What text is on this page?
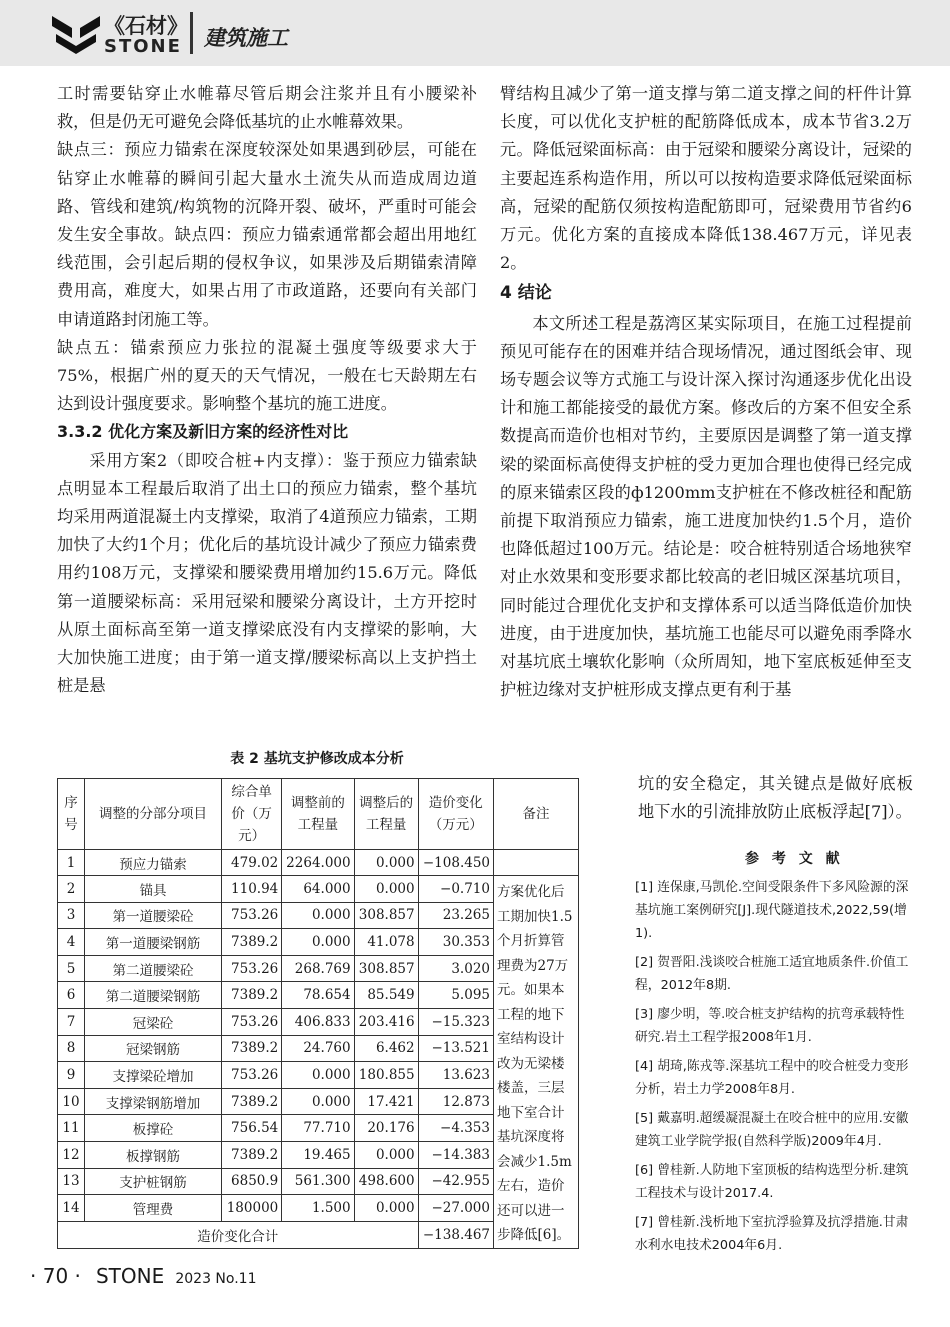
《石材》
STONE 建筑施工

工时需要钻穿止水帷幕尽管后期会注浆并且有小腰梁补救，但是仍无可避免会降低基坑的止水帷幕效果。

缺点三：预应力锚索在深度较深处如果遇到砂层，可能在钻穿止水帷幕的瞬间引起大量水土流失从而造成周边道路、管线和建筑/构筑物的沉降开裂、破坏，严重时可能会发生安全事故。缺点四：预应力锚索通常都会超出用地红线范围，会引起后期的侵权争议，如果涉及后期锚索清障费用高，难度大，如果占用了市政道路，还要向有关部门申请道路封闭施工等。

缺点五：锚索预应力张拉的混凝土强度等级要求大于75%，根据广州的夏天的天气情况，一般在七天龄期左右达到设计强度要求。影响整个基坑的施工进度。

3.3.2 优化方案及新旧方案的经济性对比

采用方案2（即咬合桩+内支撑）：鉴于预应力锚索缺点明显本工程最后取消了出土口的预应力锚索，整个基坑均采用两道混凝土内支撑梁，取消了4道预应力锚索，工期加快了大约1个月；优化后的基坑设计减少了预应力锚索费用约108万元，支撑梁和腰梁费用增加约15.6万元。降低第一道腰梁标高：采用冠梁和腰梁分离设计，土方开挖时从原土面标高至第一道支撑梁底没有内支撑梁的影响，大大加快施工进度；由于第一道支撑/腰梁标高以上支护挡土桩是悬

臂结构且减少了第一道支撑与第二道支撑之间的杆件计算长度，可以优化支护桩的配筋降低成本，成本节省3.2万元。降低冠梁面标高：由于冠梁和腰梁分离设计，冠梁的主要起连系构造作用，所以可以按构造要求降低冠梁面标高，冠梁的配筋仅须按构造配筋即可，冠梁费用节省约6万元。优化方案的直接成本降低138.467万元，详见表2。

4 结论

本文所述工程是荔湾区某实际项目，在施工过程提前预见可能存在的困难并结合现场情况，通过图纸会审、现场专题会议等方式施工与设计深入探讨沟通逐步优化出设计和施工都能接受的最优方案。修改后的方案不但安全系数提高而造价也相对节约，主要原因是调整了第一道支撑梁的梁面标高使得支护桩的受力更加合理也使得已经完成的原来锚索区段的ф1200mm支护桩在不修改桩径和配筋前提下取消预应力锚索，施工进度加快约1.5个月，造价也降低超过100万元。结论是：咬合桩特别适合场地狭窄对止水效果和变形要求都比较高的老旧城区深基坑项目，同时能过合理优化支护和支撑体系可以适当降低造价加快进度，由于进度加快，基坑施工也能尽可以避免雨季降水对基坑底土壤软化影响（众所周知，地下室底板延伸至支护桩边缘对支护桩形成支撑点更有利于基

坑的安全稳定，其关键点是做好底板地下水的引流排放防止底板浮起[7]）。

表 2 基坑支护修改成本分析
序号	调整的分部分项目	综合单价（万元）	调整前的工程量	调整后的工程量	造价变化（万元）	备注
1	预应力锚索	479.02	2264.000	0.000	−108.450	
2	锚具	110.94	64.000	0.000	−0.710	方案优化后工期加快1.5个月折算管理费为27万元。如果本工程的地下室结构设计改为无梁楼楼盖，三层地下室合计基坑深度将会减少1.5m左右，造价还可以进一步降低[6]。
3	第一道腰梁砼	753.26	0.000	308.857	23.265	
4	第一道腰梁钢筋	7389.2	0.000	41.078	30.353	
5	第二道腰梁砼	753.26	268.769	308.857	3.020	
6	第二道腰梁钢筋	7389.2	78.654	85.549	5.095	
7	冠梁砼	753.26	406.833	203.416	−15.323	
8	冠梁钢筋	7389.2	24.760	6.462	−13.521	
9	支撑梁砼增加	753.26	0.000	180.855	13.623	
10	支撑梁钢筋增加	7389.2	0.000	17.421	12.873	
11	板撑砼	756.54	77.710	20.176	−4.353	
12	板撑钢筋	7389.2	19.465	0.000	−14.383	
13	支护桩钢筋	6850.9	561.300	498.600	−42.955	
14	管理费	180000	1.500	0.000	−27.000	
造价变化合计					−138.467	
参 考 文 献
[1] 连保康,马凯伦.空间受限条件下多风险源的深基坑施工案例研究[J].现代隧道技术,2022,59(增1).
[2] 贺晋阳.浅谈咬合桩施工适宜地质条件.价值工程，2012年8期.
[3] 廖少明，等.咬合桩支护结构的抗弯承载特性研究.岩土工程学报2008年1月.
[4] 胡琦,陈戎等.深基坑工程中的咬合桩受力变形分析，岩土力学2008年8月.
[5] 戴嘉明.超缓凝混凝土在咬合桩中的应用.安徽建筑工业学院学报(自然科学版)2009年4月.
[6] 曾桂新.人防地下室顶板的结构选型分析.建筑工程技术与设计2017.4.
[7] 曾桂新.浅析地下室抗浮验算及抗浮措施.甘肃水利水电技术2004年6月.
· 70 · STONE 2023 No.11
